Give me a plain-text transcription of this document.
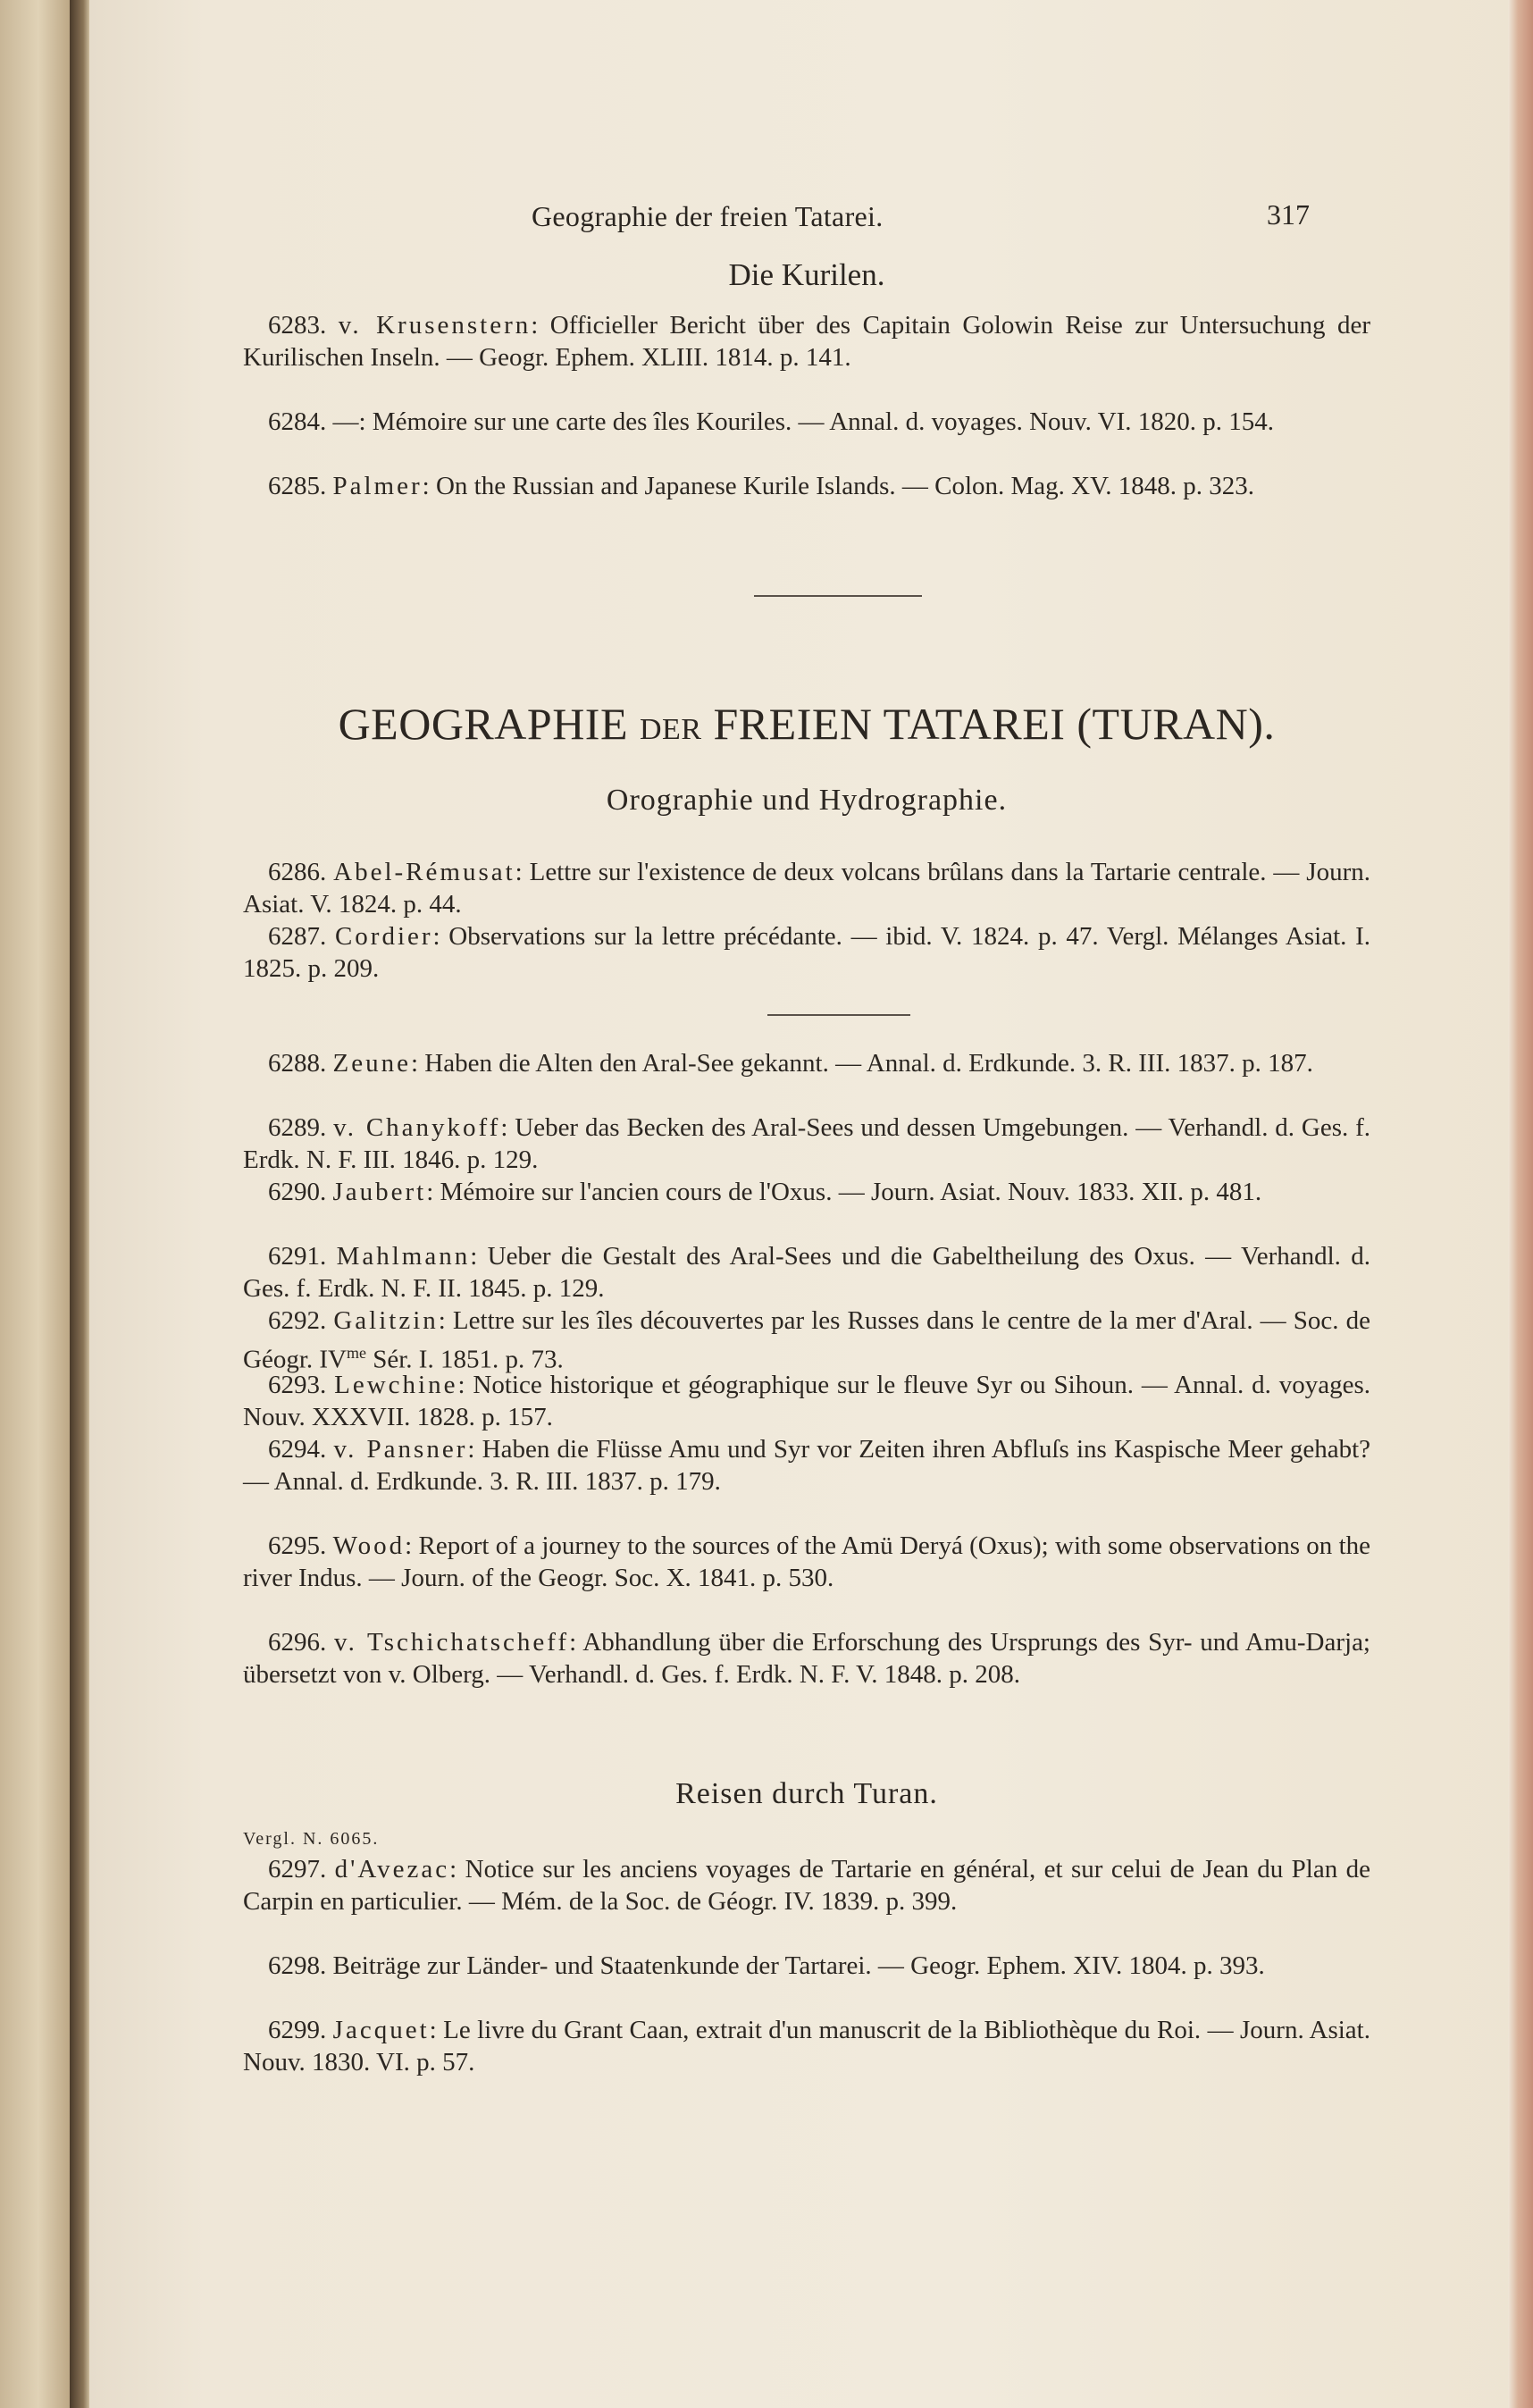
Geographie der freien Tatarei.	317
Die Kurilen.

6283. v. Krusenstern: Officieller Bericht über des Capitain Golowin Reise zur Untersuchung der Kurilischen Inseln. — Geogr. Ephem. XLIII. 1814. p. 141.

6284. —: Mémoire sur une carte des îles Kouriles. — Annal. d. voyages. Nouv. VI. 1820. p. 154.

6285. Palmer: On the Russian and Japanese Kurile Islands. — Colon. Mag. XV. 1848. p. 323.

GEOGRAPHIE DER FREIEN TATAREI (TURAN).
Orographie und Hydrographie.

6286. Abel-Rémusat: Lettre sur l'existence de deux volcans brûlans dans la Tartarie centrale. — Journ. Asiat. V. 1824. p. 44.

6287. Cordier: Observations sur la lettre précédante. — ibid. V. 1824. p. 47. Vergl. Mélanges Asiat. I. 1825. p. 209.

6288. Zeune: Haben die Alten den Aral-See gekannt. — Annal. d. Erdkunde. 3. R. III. 1837. p. 187.

6289. v. Chanykoff: Ueber das Becken des Aral-Sees und dessen Umgebungen. — Verhandl. d. Ges. f. Erdk. N. F. III. 1846. p. 129.

6290. Jaubert: Mémoire sur l'ancien cours de l'Oxus. — Journ. Asiat. Nouv. 1833. XII. p. 481.

6291. Mahlmann: Ueber die Gestalt des Aral-Sees und die Gabeltheilung des Oxus. — Verhandl. d. Ges. f. Erdk. N. F. II. 1845. p. 129.

6292. Galitzin: Lettre sur les îles découvertes par les Russes dans le centre de la mer d'Aral. — Soc. de Géogr. $IV^{me}$ Sér. I. 1851. p. 73.

6293. Lewchine: Notice historique et géographique sur le fleuve Syr ou Sihoun. — Annal. d. voyages. Nouv. XXXVII. 1828. p. 157.

6294. v. Pansner: Haben die Flüsse Amu und Syr vor Zeiten ihren Abfluſs ins Kaspische Meer gehabt? — Annal. d. Erdkunde. 3. R. III. 1837. p. 179.

6295. Wood: Report of a journey to the sources of the Amü Deryá (Oxus); with some observations on the river Indus. — Journ. of the Geogr. Soc. X. 1841. p. 530.

6296. v. Tschichatscheff: Abhandlung über die Erforschung des Ursprungs des Syr- und Amu-Darja; übersetzt von v. Olberg. — Verhandl. d. Ges. f. Erdk. N. F. V. 1848. p. 208.

Reisen durch Turan.
Vergl. N. 6065.

6297. d'Avezac: Notice sur les anciens voyages de Tartarie en général, et sur celui de Jean du Plan de Carpin en particulier. — Mém. de la Soc. de Géogr. IV. 1839. p. 399.

6298. Beiträge zur Länder- und Staatenkunde der Tartarei. — Geogr. Ephem. XIV. 1804. p. 393.

6299. Jacquet: Le livre du Grant Caan, extrait d'un manuscrit de la Bibliothèque du Roi. — Journ. Asiat. Nouv. 1830. VI. p. 57.
